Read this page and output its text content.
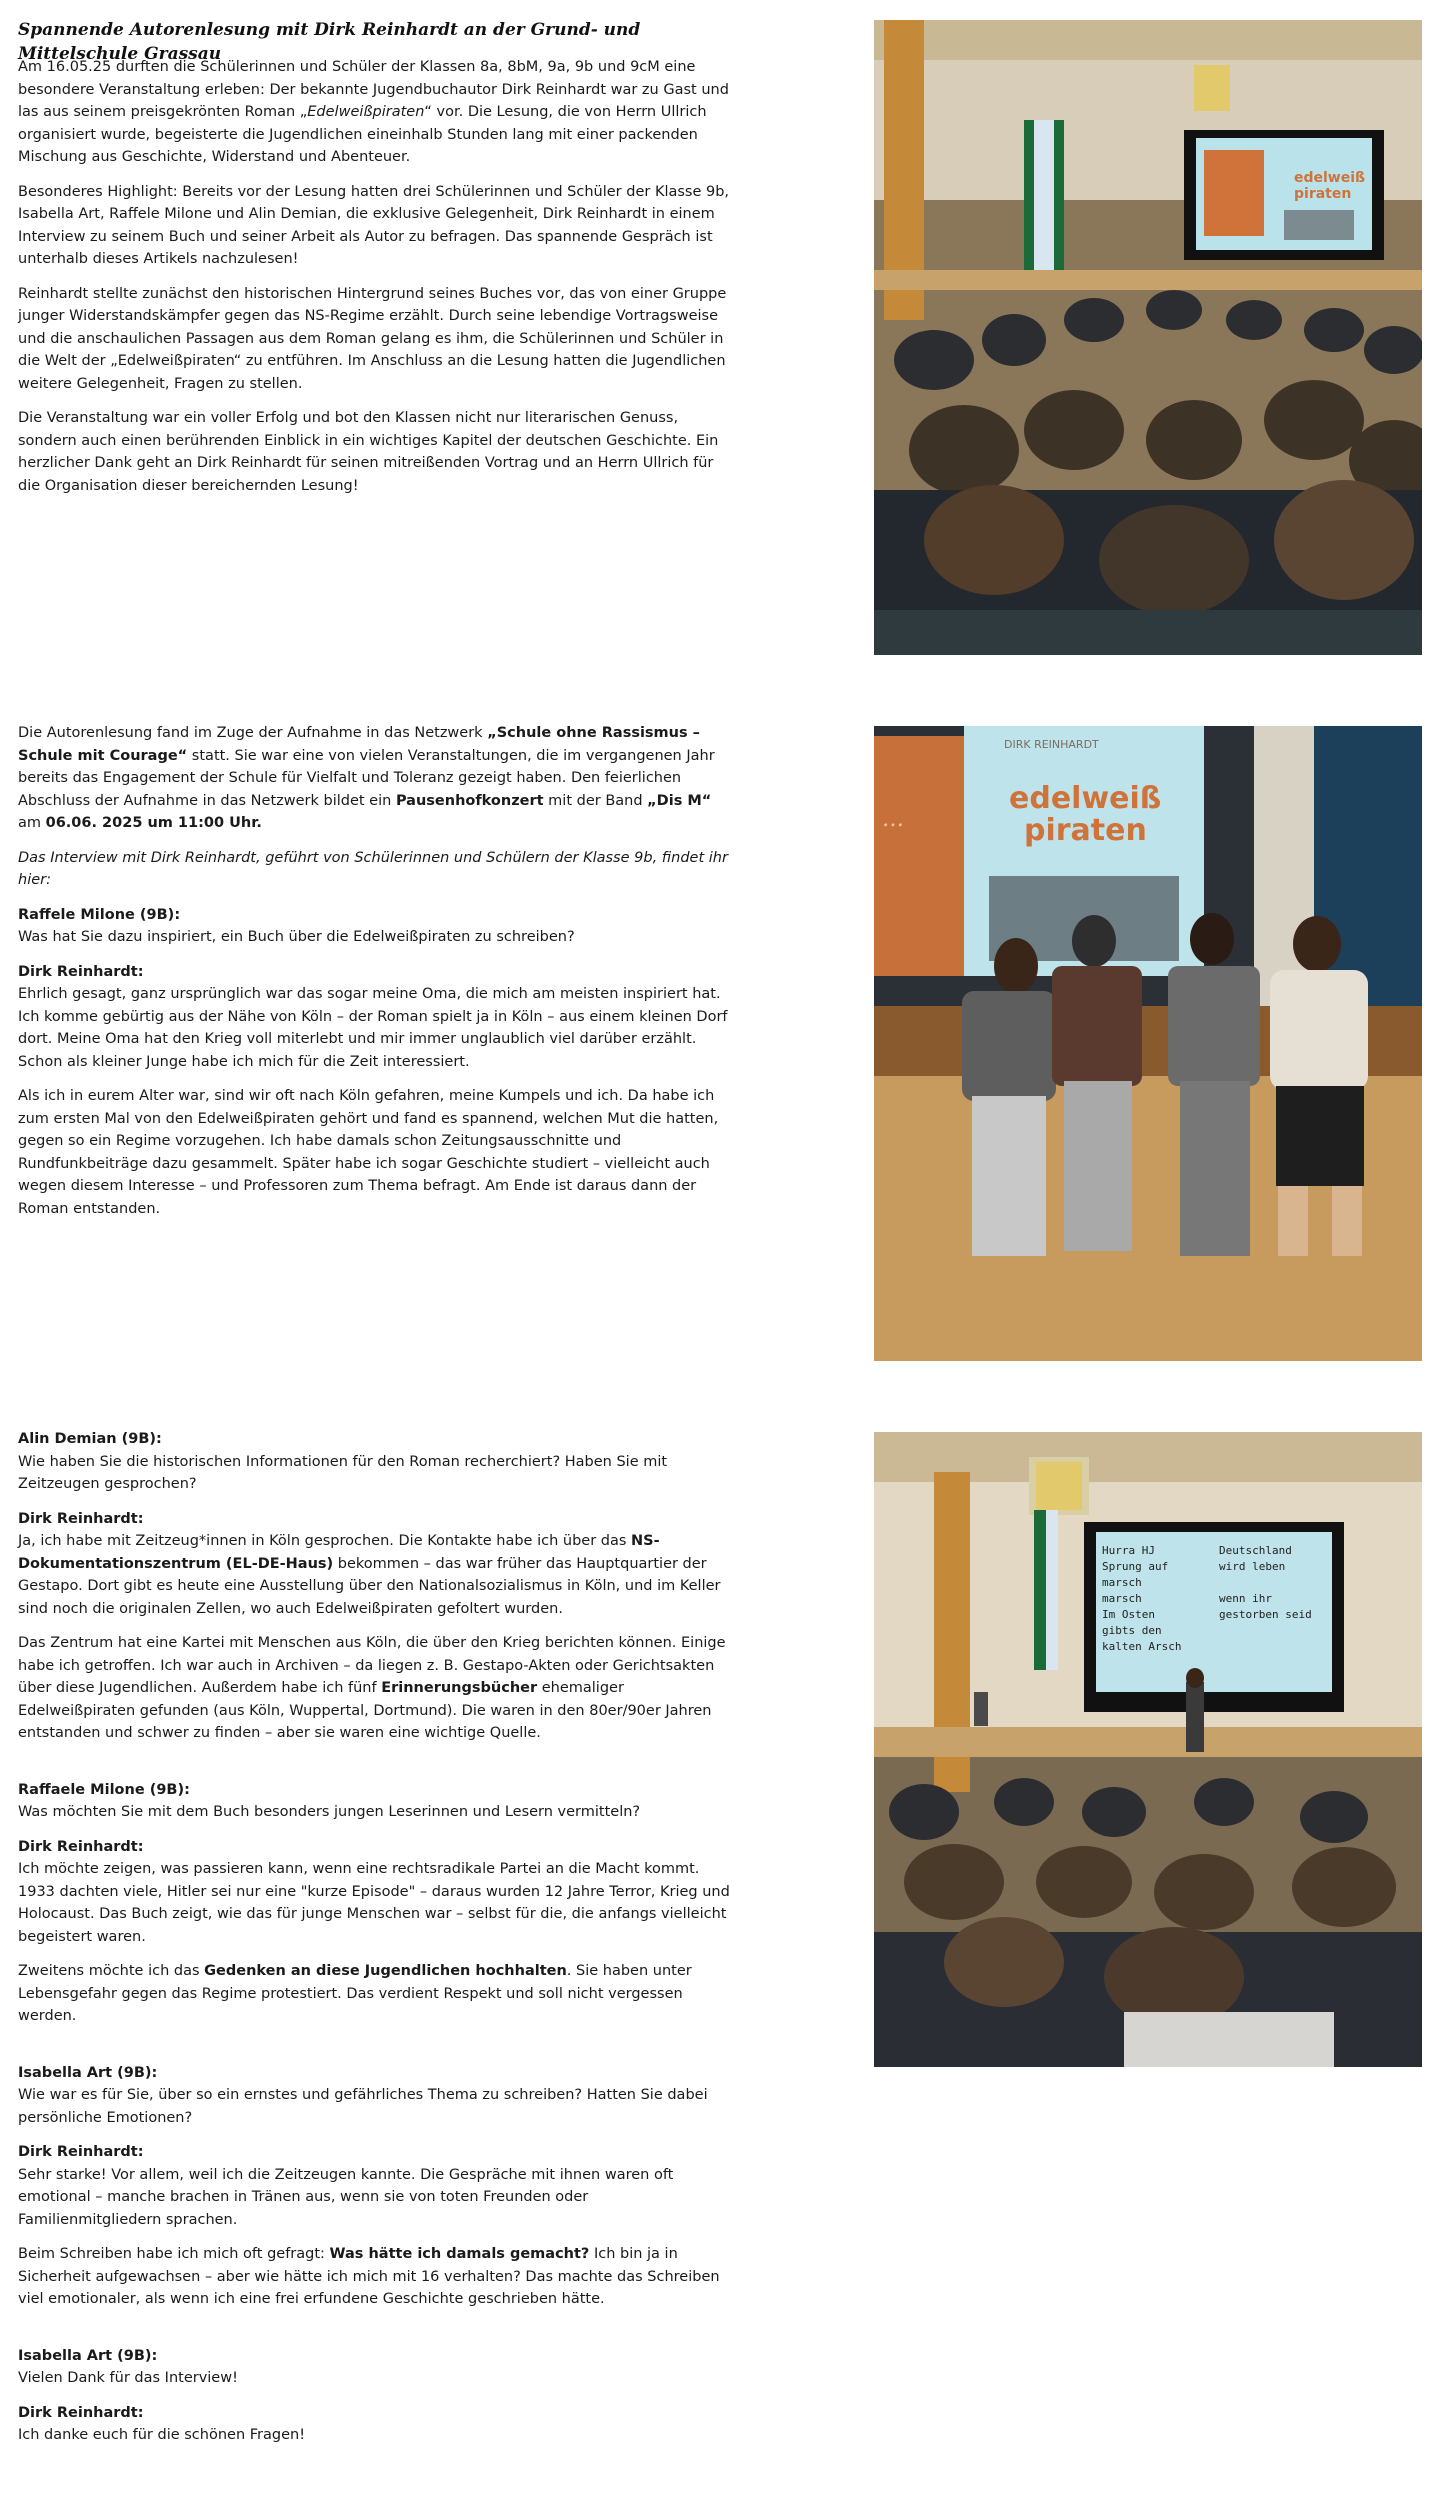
Spannende Autorenlesung mit Dirk Reinhardt an der Grund- und Mittelschule Grassau

Am 16.05.25 durften die Schülerinnen und Schüler der Klassen 8a, 8bM, 9a, 9b und 9cM eine besondere Veranstaltung erleben: Der bekannte Jugendbuchautor Dirk Reinhardt war zu Gast und las aus seinem preisgekrönten Roman „Edelweißpiraten“ vor. Die Lesung, die von Herrn Ullrich organisiert wurde, begeisterte die Jugendlichen eineinhalb Stunden lang mit einer packenden Mischung aus Geschichte, Widerstand und Abenteuer.

Besonderes Highlight: Bereits vor der Lesung hatten drei Schülerinnen und Schüler der Klasse 9b, Isabella Art, Raffele Milone und Alin Demian, die exklusive Gelegenheit, Dirk Reinhardt in einem Interview zu seinem Buch und seiner Arbeit als Autor zu befragen. Das spannende Gespräch ist unterhalb dieses Artikels nachzulesen!

Reinhardt stellte zunächst den historischen Hintergrund seines Buches vor, das von einer Gruppe junger Widerstandskämpfer gegen das NS-Regime erzählt. Durch seine lebendige Vortragsweise und die anschaulichen Passagen aus dem Roman gelang es ihm, die Schülerinnen und Schüler in die Welt der „Edelweißpiraten“ zu entführen. Im Anschluss an die Lesung hatten die Jugendlichen weitere Gelegenheit, Fragen zu stellen.

Die Veranstaltung war ein voller Erfolg und bot den Klassen nicht nur literarischen Genuss, sondern auch einen berührenden Einblick in ein wichtiges Kapitel der deutschen Geschichte. Ein herzlicher Dank geht an Dirk Reinhardt für seinen mitreißenden Vortrag und an Herrn Ullrich für die Organisation dieser bereichernden Lesung!

edelweiß
piraten

Die Autorenlesung fand im Zuge der Aufnahme in das Netzwerk „Schule ohne Rassismus – Schule mit Courage“ statt. Sie war eine von vielen Veranstaltungen, die im vergangenen Jahr bereits das Engagement der Schule für Vielfalt und Toleranz gezeigt haben. Den feierlichen Abschluss der Aufnahme in das Netzwerk bildet ein Pausenhofkonzert mit der Band „Dis M“ am 06.06. 2025 um 11:00 Uhr.

Das Interview mit Dirk Reinhardt, geführt von Schülerinnen und Schülern der Klasse 9b, findet ihr hier:

Raffele Milone (9B):
Was hat Sie dazu inspiriert, ein Buch über die Edelweißpiraten zu schreiben?

Dirk Reinhardt:
Ehrlich gesagt, ganz ursprünglich war das sogar meine Oma, die mich am meisten inspiriert hat. Ich komme gebürtig aus der Nähe von Köln – der Roman spielt ja in Köln – aus einem kleinen Dorf dort. Meine Oma hat den Krieg voll miterlebt und mir immer unglaublich viel darüber erzählt. Schon als kleiner Junge habe ich mich für die Zeit interessiert.

Als ich in eurem Alter war, sind wir oft nach Köln gefahren, meine Kumpels und ich. Da habe ich zum ersten Mal von den Edelweißpiraten gehört und fand es spannend, welchen Mut die hatten, gegen so ein Regime vorzugehen. Ich habe damals schon Zeitungsausschnitte und Rundfunkbeiträge dazu gesammelt. Später habe ich sogar Geschichte studiert – vielleicht auch wegen diesem Interesse – und Professoren zum Thema befragt. Am Ende ist daraus dann der Roman entstanden.

…
DIRK REINHARDT
edelweiß
piraten

Alin Demian (9B):
Wie haben Sie die historischen Informationen für den Roman recherchiert? Haben Sie mit Zeitzeugen gesprochen?

Dirk Reinhardt:
Ja, ich habe mit Zeitzeug*innen in Köln gesprochen. Die Kontakte habe ich über das NS-Dokumentationszentrum (EL-DE-Haus) bekommen – das war früher das Hauptquartier der Gestapo. Dort gibt es heute eine Ausstellung über den Nationalsozialismus in Köln, und im Keller sind noch die originalen Zellen, wo auch Edelweißpiraten gefoltert wurden.

Das Zentrum hat eine Kartei mit Menschen aus Köln, die über den Krieg berichten können. Einige habe ich getroffen. Ich war auch in Archiven – da liegen z. B. Gestapo-Akten oder Gerichtsakten über diese Jugendlichen. Außerdem habe ich fünf Erinnerungsbücher ehemaliger Edelweißpiraten gefunden (aus Köln, Wuppertal, Dortmund). Die waren in den 80er/90er Jahren entstanden und schwer zu finden – aber sie waren eine wichtige Quelle.

Raffaele Milone (9B):
Was möchten Sie mit dem Buch besonders jungen Leserinnen und Lesern vermitteln?

Dirk Reinhardt:
Ich möchte zeigen, was passieren kann, wenn eine rechtsradikale Partei an die Macht kommt. 1933 dachten viele, Hitler sei nur eine "kurze Episode" – daraus wurden 12 Jahre Terror, Krieg und Holocaust. Das Buch zeigt, wie das für junge Menschen war – selbst für die, die anfangs vielleicht begeistert waren.

Zweitens möchte ich das Gedenken an diese Jugendlichen hochhalten. Sie haben unter Lebensgefahr gegen das Regime protestiert. Das verdient Respekt und soll nicht vergessen werden.

Isabella Art (9B):
Wie war es für Sie, über so ein ernstes und gefährliches Thema zu schreiben? Hatten Sie dabei persönliche Emotionen?

Dirk Reinhardt:
Sehr starke! Vor allem, weil ich die Zeitzeugen kannte. Die Gespräche mit ihnen waren oft emotional – manche brachen in Tränen aus, wenn sie von toten Freunden oder Familienmitgliedern sprachen.

Beim Schreiben habe ich mich oft gefragt: Was hätte ich damals gemacht? Ich bin ja in Sicherheit aufgewachsen – aber wie hätte ich mich mit 16 verhalten? Das machte das Schreiben viel emotionaler, als wenn ich eine frei erfundene Geschichte geschrieben hätte.

Isabella Art (9B):
Vielen Dank für das Interview!

Dirk Reinhardt:
Ich danke euch für die schönen Fragen!

Hurra HJ Sprung auf marsch marsch Im Osten gibts den kalten Arsch
Deutschland wird leben wenn ihr gestorben seid
